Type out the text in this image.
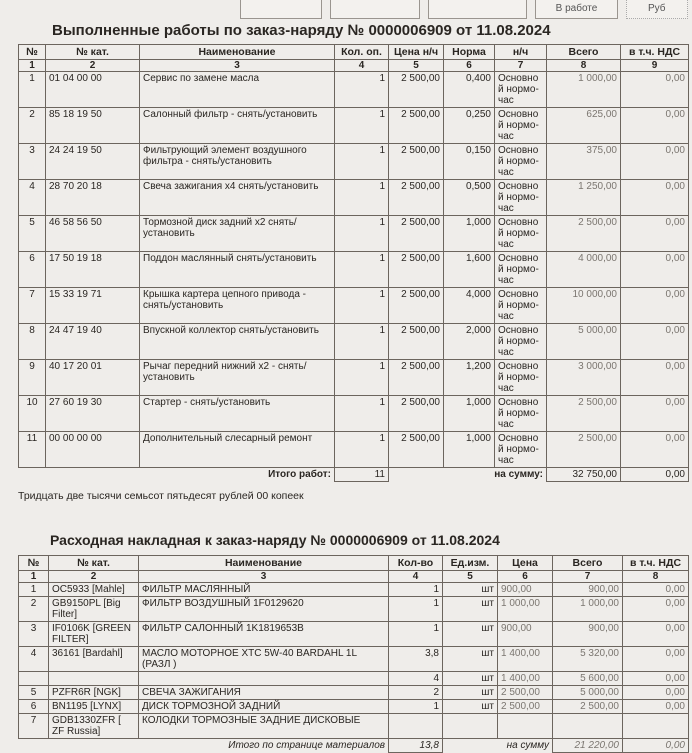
В работе	Руб
Выполненные работы по заказ-наряду № 0000006909 от 11.08.2024
№	№ кат.	Наименование	Кол. оп.	Цена н/ч	Норма	н/ч	Всего	в т.ч. НДС
1	2	3	4	5	6	7	8	9
1	01 04 00 00	Сервис по замене масла	1	2 500,00	0,400	Основной нормо-час	1 000,00	0,00
2	85 18 19 50	Салонный фильтр - снять/установить	1	2 500,00	0,250	Основной нормо-час	625,00	0,00
3	24 24 19 50	Фильтрующий элемент воздушного фильтра - снять/установить	1	2 500,00	0,150	Основной нормо-час	375,00	0,00
4	28 70 20 18	Свеча зажигания x4 снять/установить	1	2 500,00	0,500	Основной нормо-час	1 250,00	0,00
5	46 58 56 50	Тормозной диск задний x2 снять/установить	1	2 500,00	1,000	Основной нормо-час	2 500,00	0,00
6	17 50 19 18	Поддон маслянный снять/установить	1	2 500,00	1,600	Основной нормо-час	4 000,00	0,00
7	15 33 19 71	Крышка картера цепного привода - снять/установить	1	2 500,00	4,000	Основной нормо-час	10 000,00	0,00
8	24 47 19 40	Впускной коллектор снять/установить	1	2 500,00	2,000	Основной нормо-час	5 000,00	0,00
9	40 17 20 01	Рычаг передний нижний x2 - снять/установить	1	2 500,00	1,200	Основной нормо-час	3 000,00	0,00
10	27 60 19 30	Стартер - снять/установить	1	2 500,00	1,000	Основной нормо-час	2 500,00	0,00
11	00 00 00 00	Дополнительный слесарный ремонт	1	2 500,00	1,000	Основной нормо-час	2 500,00	0,00
Итого работ:			11		на сумму:		32 750,00	0,00
Тридцать две тысячи семьсот пятьдесят рублей 00 копеек
Расходная накладная к заказ-наряду № 0000006909 от 11.08.2024
№	№ кат.	Наименование	Кол-во	Ед.изм.	Цена	Всего	в т.ч. НДС
1	2	3	4	5	6	7	8
1	OC5933 [Mahle]	ФИЛЬТР МАСЛЯННЫЙ	1	шт	900,00	900,00	0,00
2	GB9150PL [Big Filter]	ФИЛЬТР ВОЗДУШНЫЙ 1F0129620	1	шт	1 000,00	1 000,00	0,00
3	IF0106K [GREEN FILTER]	ФИЛЬТР САЛОННЫЙ 1K1819653B	1	шт	900,00	900,00	0,00
4	36161 [Bardahl]	МАСЛО МОТОРНОЕ XTC 5W-40 BARDAHL 1L (РАЗЛ )	3,8	шт	1 400,00	5 320,00	0,00
			4	шт	1 400,00	5 600,00	0,00
5	PZFR6R [NGK]	СВЕЧА ЗАЖИГАНИЯ	2	шт	2 500,00	5 000,00	0,00
6	BN1195 [LYNX]	ДИСК ТОРМОЗНОЙ ЗАДНИЙ	1	шт	2 500,00	2 500,00	0,00
7	GDB1330ZFR [ ZF Russia]	КОЛОДКИ ТОРМОЗНЫЕ ЗАДНИЕ ДИСКОВЫЕ					
Итого по странице материалов			13,8	на сумму		21 220,00	0,00
